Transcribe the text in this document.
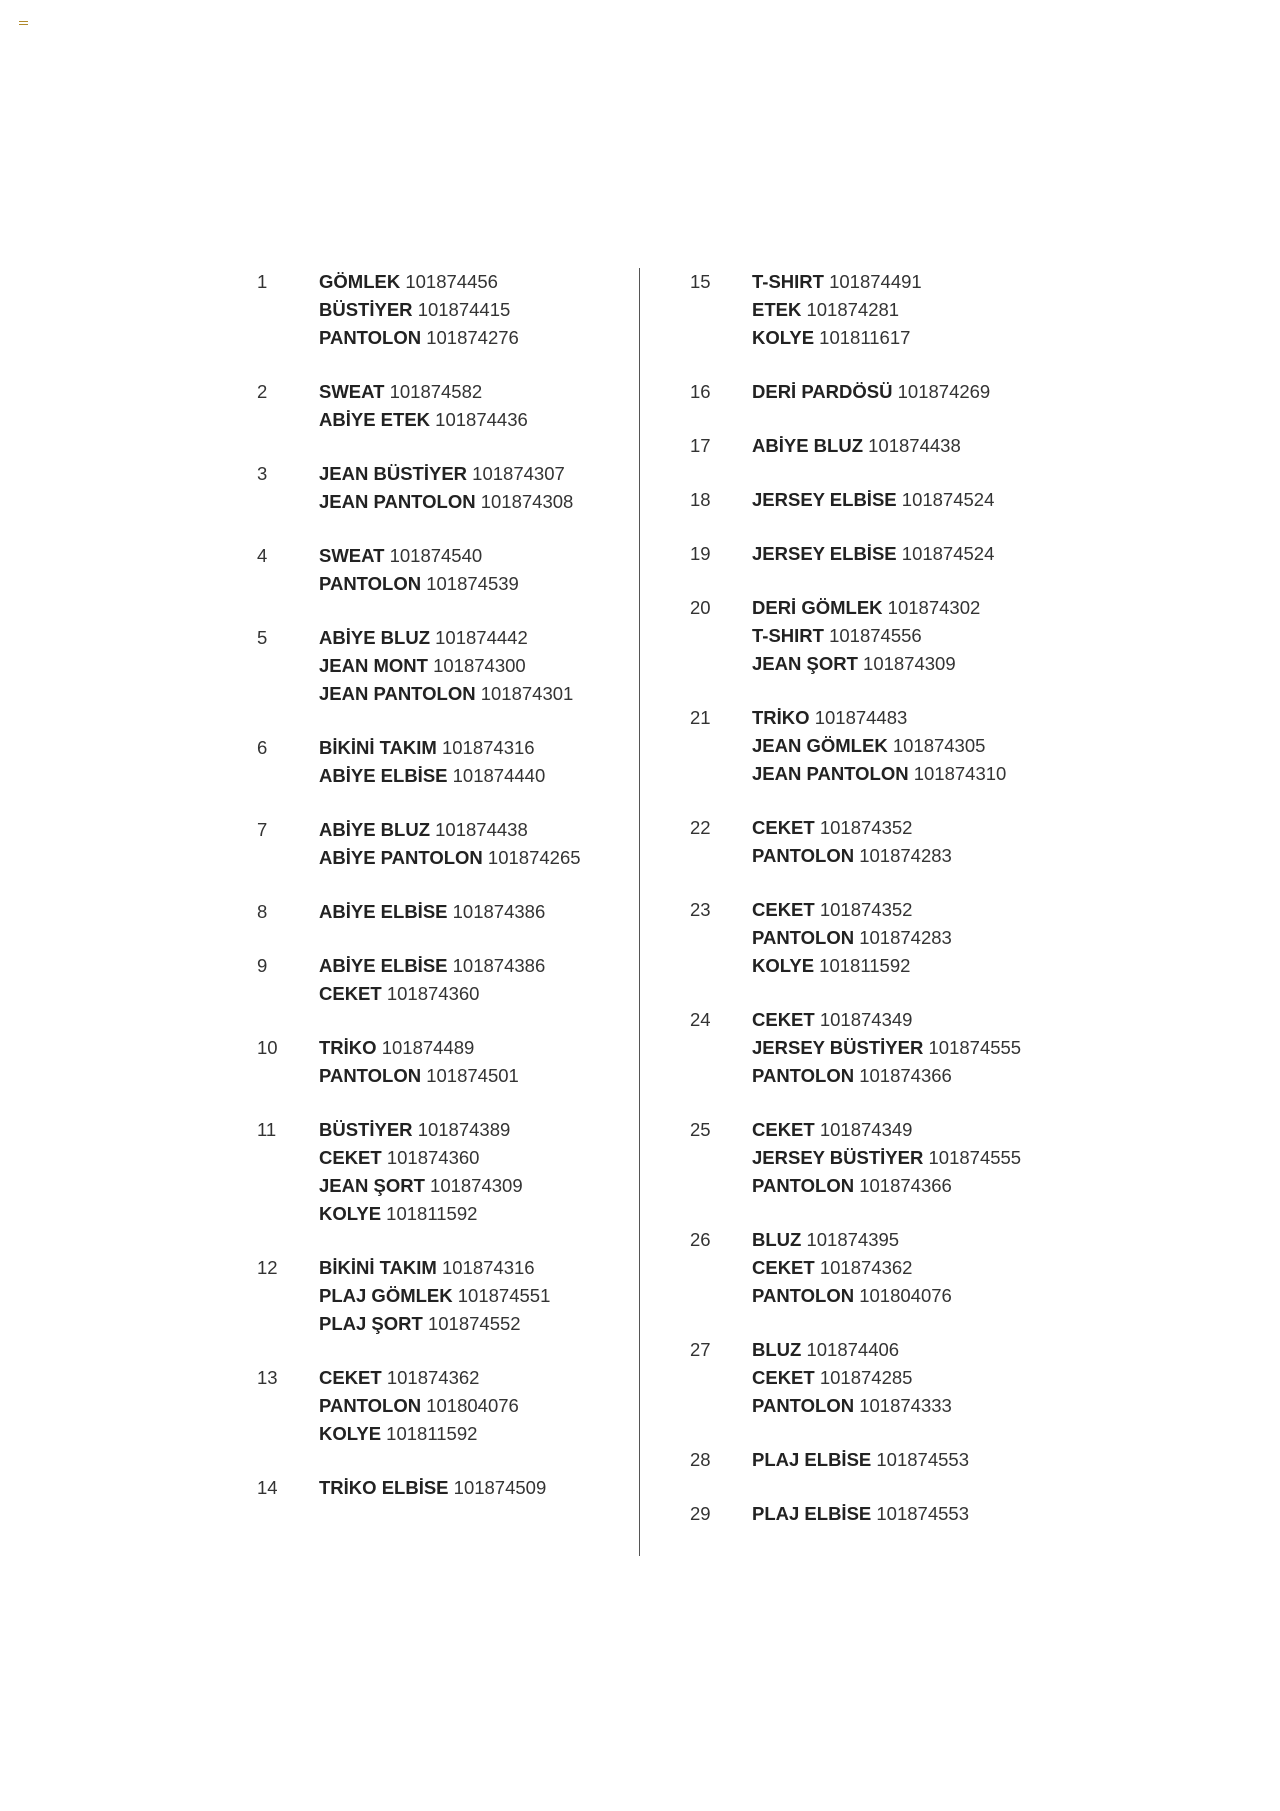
1	GÖMLEK 101874456
BÜSTİYER 101874415
PANTOLON 101874276
2	SWEAT 101874582
ABİYE ETEK 101874436
3	JEAN BÜSTİYER 101874307
JEAN PANTOLON 101874308
4	SWEAT 101874540
PANTOLON 101874539
5	ABİYE BLUZ 101874442
JEAN MONT 101874300
JEAN PANTOLON 101874301
6	BİKİNİ TAKIM 101874316
ABİYE ELBİSE 101874440
7	ABİYE BLUZ 101874438
ABİYE PANTOLON 101874265
8	ABİYE ELBİSE 101874386
9	ABİYE ELBİSE 101874386
CEKET 101874360
10 TRİKO 101874489
PANTOLON 101874501
11 BÜSTİYER 101874389
CEKET 101874360
JEAN ŞORT 101874309
KOLYE 101811592
12 BİKİNİ TAKIM 101874316
PLAJ GÖMLEK 101874551
PLAJ ŞORT 101874552
13 CEKET 101874362
PANTOLON 101804076
KOLYE 101811592
14 TRİKO ELBİSE 101874509
15 T-SHIRT 101874491
ETEK 101874281
KOLYE 101811617
16 DERİ PARDÖSÜ 101874269
17 ABİYE BLUZ 101874438
18 JERSEY ELBİSE 101874524
19 JERSEY ELBİSE 101874524
20 DERİ GÖMLEK 101874302
T-SHIRT 101874556
JEAN ŞORT 101874309
21 TRİKO 101874483
JEAN GÖMLEK 101874305
JEAN PANTOLON 101874310
22 CEKET 101874352
PANTOLON 101874283
23 CEKET 101874352
PANTOLON 101874283
KOLYE 101811592
24 CEKET 101874349
JERSEY BÜSTİYER 101874555
PANTOLON 101874366
25 CEKET 101874349
JERSEY BÜSTİYER 101874555
PANTOLON 101874366
26 BLUZ 101874395
CEKET 101874362
PANTOLON 101804076
27 BLUZ 101874406
CEKET 101874285
PANTOLON 101874333
28 PLAJ ELBİSE 101874553
29 PLAJ ELBİSE 101874553
